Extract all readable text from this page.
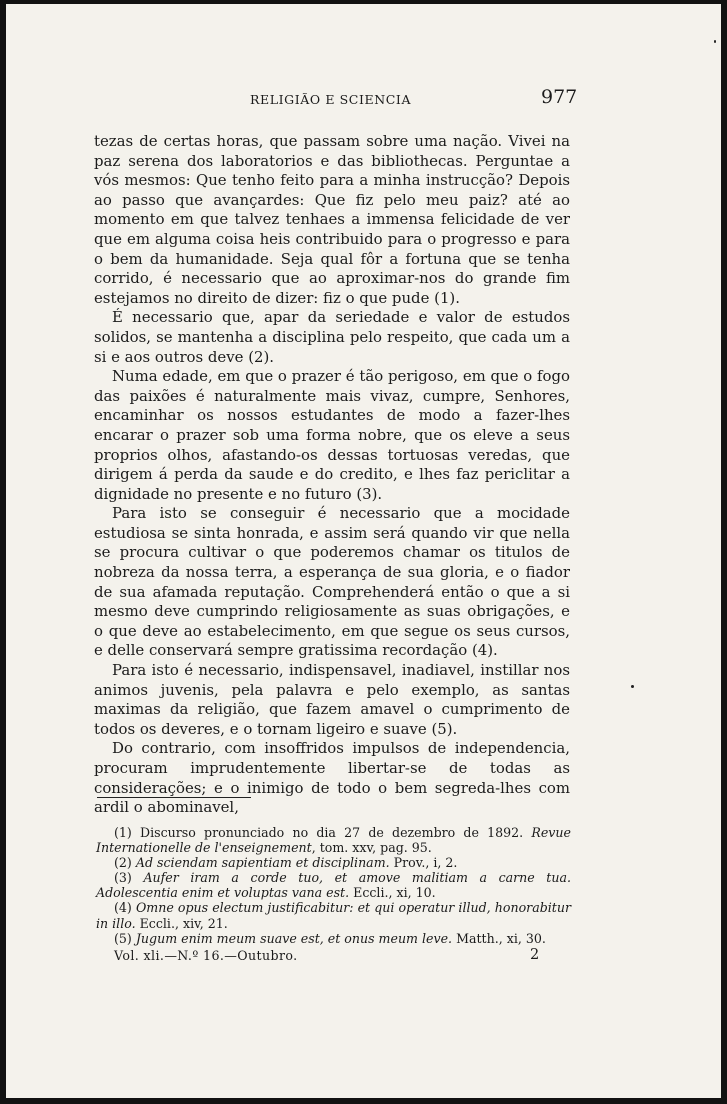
RELIGIÃO E SCIENCIA	977

tezas de certas horas, que passam sobre uma nação. Vivei na paz serena dos laboratorios e das bibliothecas. Perguntae a vós mesmos: Que tenho feito para a minha instrucção? Depois ao passo que avançardes: Que fiz pelo meu paiz? até ao momento em que talvez tenhaes a immensa felicidade de ver que em alguma coisa heis contribuido para o progresso e para o bem da humanidade. Seja qual fôr a fortuna que se tenha corrido, é necessario que ao aproximar-nos do grande fim estejamos no direito de dizer: fiz o que pude (1).

É necessario que, apar da seriedade e valor de estudos solidos, se mantenha a disciplina pelo respeito, que cada um a si e aos outros deve (2).

Numa edade, em que o prazer é tão perigoso, em que o fogo das paixões é naturalmente mais vivaz, cumpre, Senhores, encaminhar os nossos estudantes de modo a fazer-lhes encarar o prazer sob uma forma nobre, que os eleve a seus proprios olhos, afastando-os dessas tortuosas veredas, que dirigem á perda da saude e do credito, e lhes faz periclitar a dignidade no presente e no futuro (3).

Para isto se conseguir é necessario que a mocidade estudiosa se sinta honrada, e assim será quando vir que nella se procura cultivar o que poderemos chamar os titulos de nobreza da nossa terra, a esperança de sua gloria, e o fiador de sua afamada reputação. Comprehenderá então o que a si mesmo deve cumprindo religiosamente as suas obrigações, e o que deve ao estabelecimento, em que segue os seus cursos, e delle conservará sempre gratissima recordação (4).

Para isto é necessario, indispensavel, inadiavel, instillar nos animos juvenis, pela palavra e pelo exemplo, as santas maximas da religião, que fazem amavel o cumprimento de todos os deveres, e o tornam ligeiro e suave (5).

Do contrario, com insoffridos impulsos de independencia, procuram imprudentemente libertar-se de todas as considerações; e o inimigo de todo o bem segreda-lhes com ardil o abominavel,

(1) Discurso pronunciado no dia 27 de dezembro de 1892. Revue Internationelle de l'enseignement, tom. xxv, pag. 95.

(2) Ad sciendam sapientiam et disciplinam. Prov., i, 2.

(3) Aufer iram a corde tuo, et amove malitiam a carne tua. Adolescentia enim et voluptas vana est. Eccli., xi, 10.

(4) Omne opus electum justificabitur: et qui operatur illud, honorabitur in illo. Eccli., xiv, 21.

(5) Jugum enim meum suave est, et onus meum leve. Matth., xi, 30.

Vol. xli.—N.º 16.—Outubro.	2
